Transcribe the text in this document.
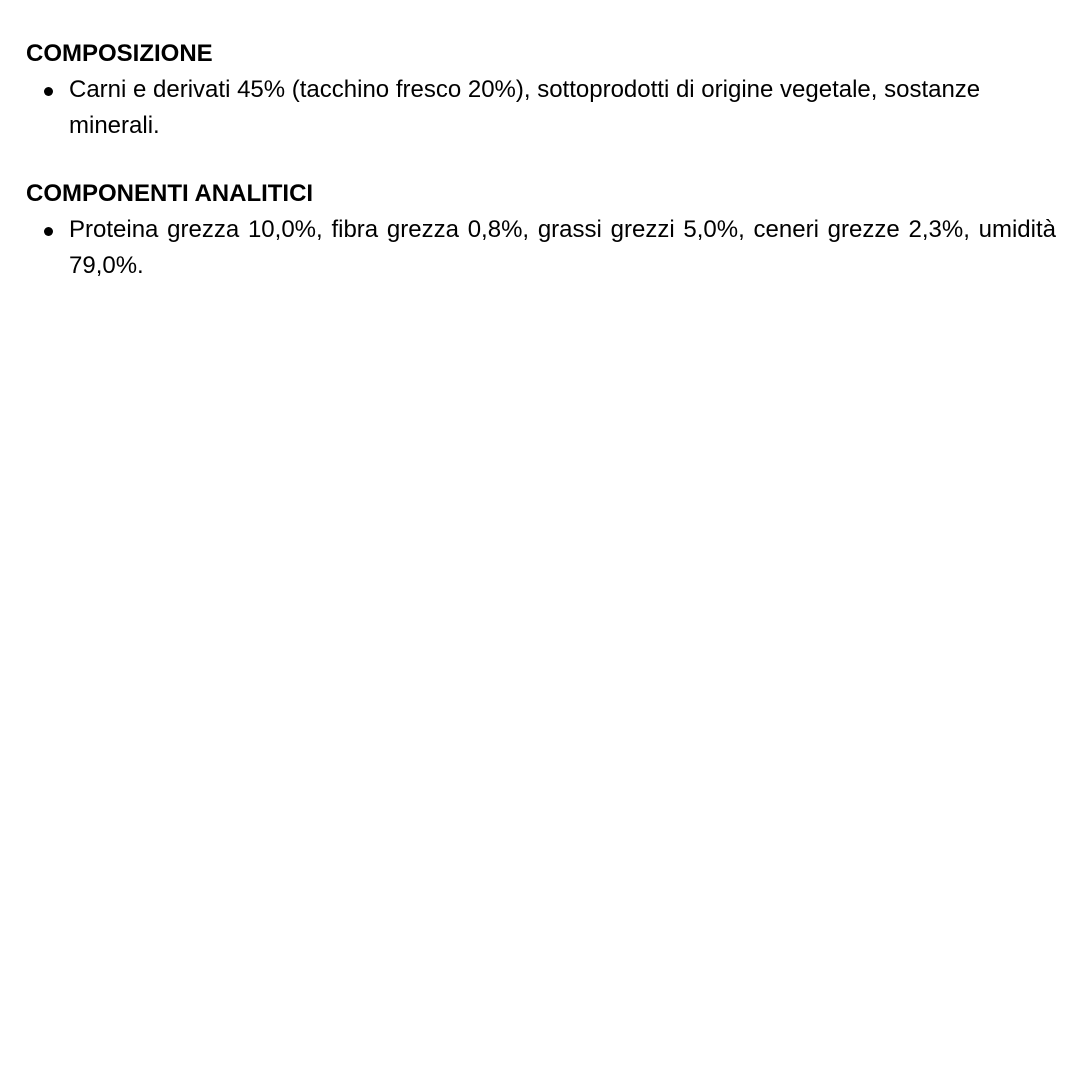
COMPOSIZIONE
Carni e derivati 45% (tacchino fresco 20%), sottoprodotti di origine vegetale, sostanze minerali.
COMPONENTI ANALITICI
Proteina grezza 10,0%, fibra grezza 0,8%, grassi grezzi 5,0%, ceneri grezze 2,3%, umidità 79,0%.
